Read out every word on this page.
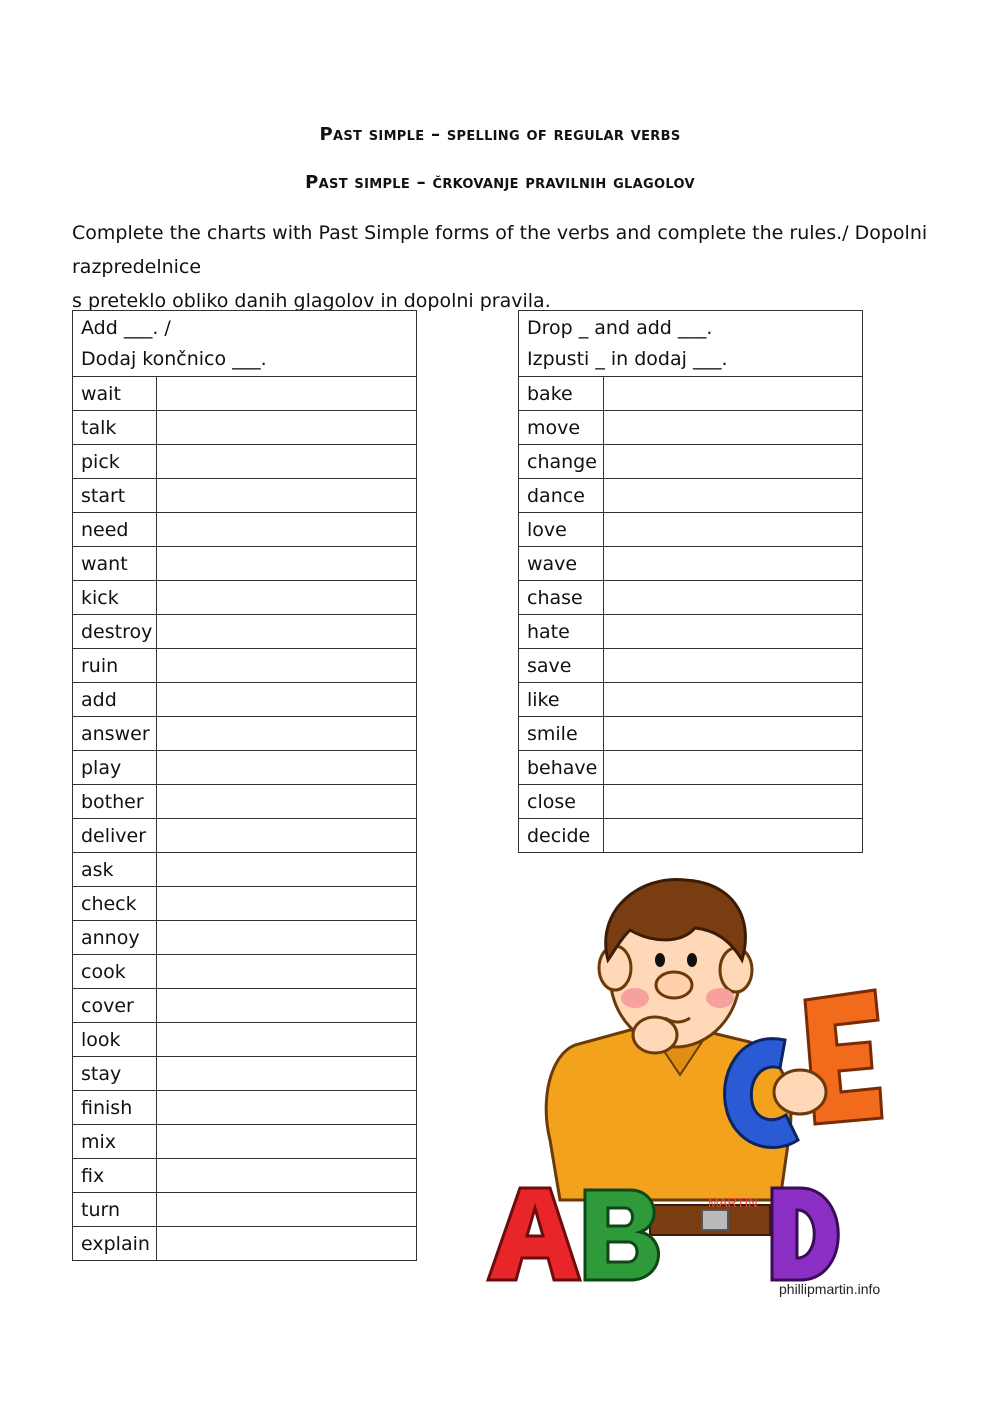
Past simple – spelling of regular verbs
Past simple – črkovanje pravilnih glagolov
Complete the charts with Past Simple forms of the verbs and complete the rules./ Dopolni razpredelnice
s preteklo obliko danih glagolov in dopolni pravila.
Add ___. /
Dodaj končnico ___.	

wait	
talk	
pick	
start	
need	
want	
kick	
destroy	
ruin	
add	
answer	
play	
bother	
deliver	
ask	
check	
annoy	
cook	
cover	
look	
stay	
finish	
mix	
fix	
turn	
explain	
Drop _ and add ___.
Izpusti _ in dodaj ___.	

bake	
move	
change	
dance	
love	
wave	
chase	
hate	
save	
like	
smile	
behave	
close	
decide	
MARTIN
phillipmartin.info
